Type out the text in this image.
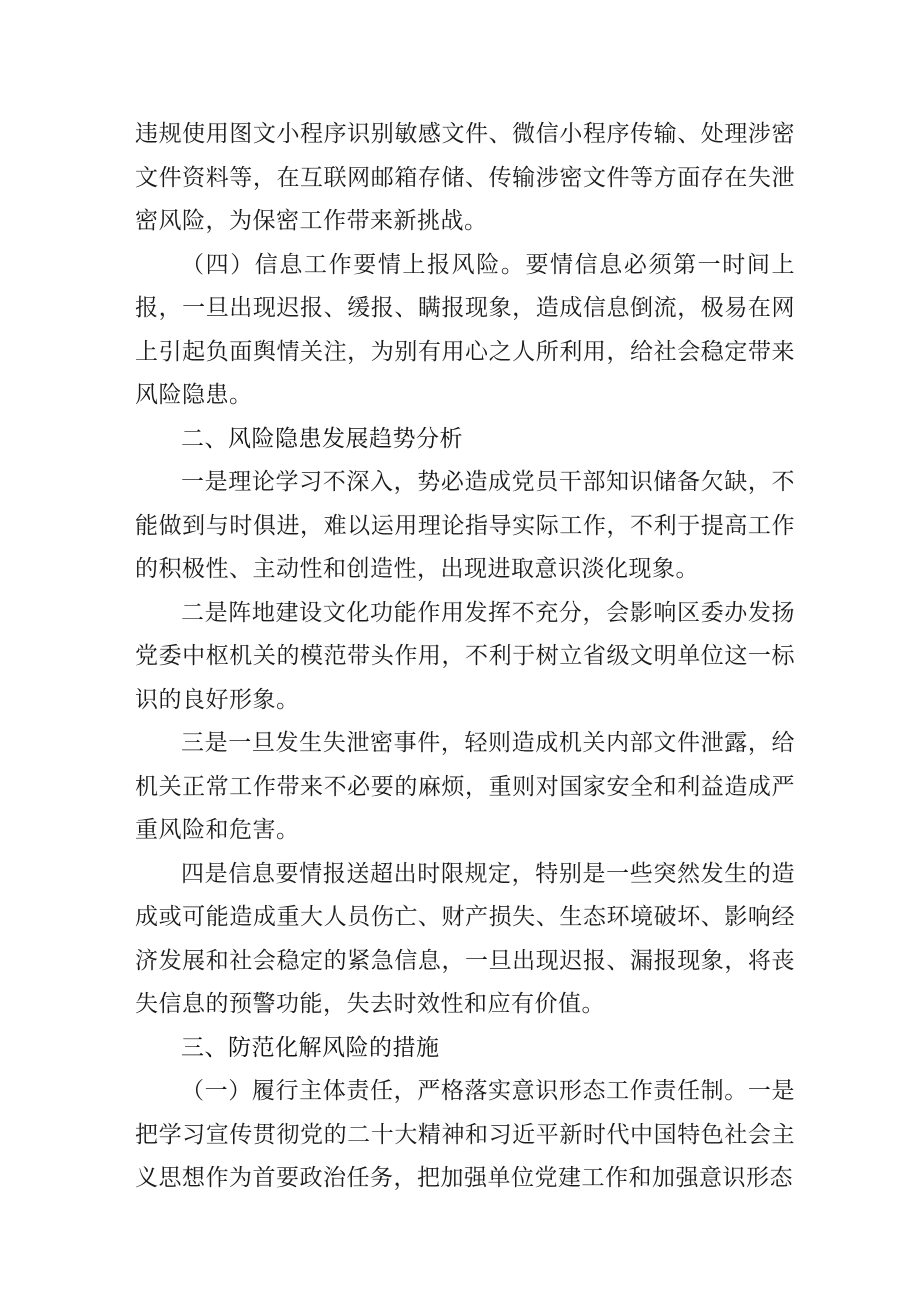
违规使用图文小程序识别敏感文件、微信小程序传输、处理涉密文件资料等，在互联网邮箱存储、传输涉密文件等方面存在失泄密风险，为保密工作带来新挑战。

（四）信息工作要情上报风险。要情信息必须第一时间上报，一旦出现迟报、缓报、瞒报现象，造成信息倒流，极易在网上引起负面舆情关注，为别有用心之人所利用，给社会稳定带来风险隐患。

二、风险隐患发展趋势分析

一是理论学习不深入，势必造成党员干部知识储备欠缺，不能做到与时俱进，难以运用理论指导实际工作，不利于提高工作的积极性、主动性和创造性，出现进取意识淡化现象。

二是阵地建设文化功能作用发挥不充分，会影响区委办发扬党委中枢机关的模范带头作用，不利于树立省级文明单位这一标识的良好形象。

三是一旦发生失泄密事件，轻则造成机关内部文件泄露，给机关正常工作带来不必要的麻烦，重则对国家安全和利益造成严重风险和危害。

四是信息要情报送超出时限规定，特别是一些突然发生的造成或可能造成重大人员伤亡、财产损失、生态环境破坏、影响经济发展和社会稳定的紧急信息，一旦出现迟报、漏报现象，将丧失信息的预警功能，失去时效性和应有价值。

三、防范化解风险的措施

（一）履行主体责任，严格落实意识形态工作责任制。一是把学习宣传贯彻党的二十大精神和习近平新时代中国特色社会主义思想作为首要政治任务，把加强单位党建工作和加强意识形态
